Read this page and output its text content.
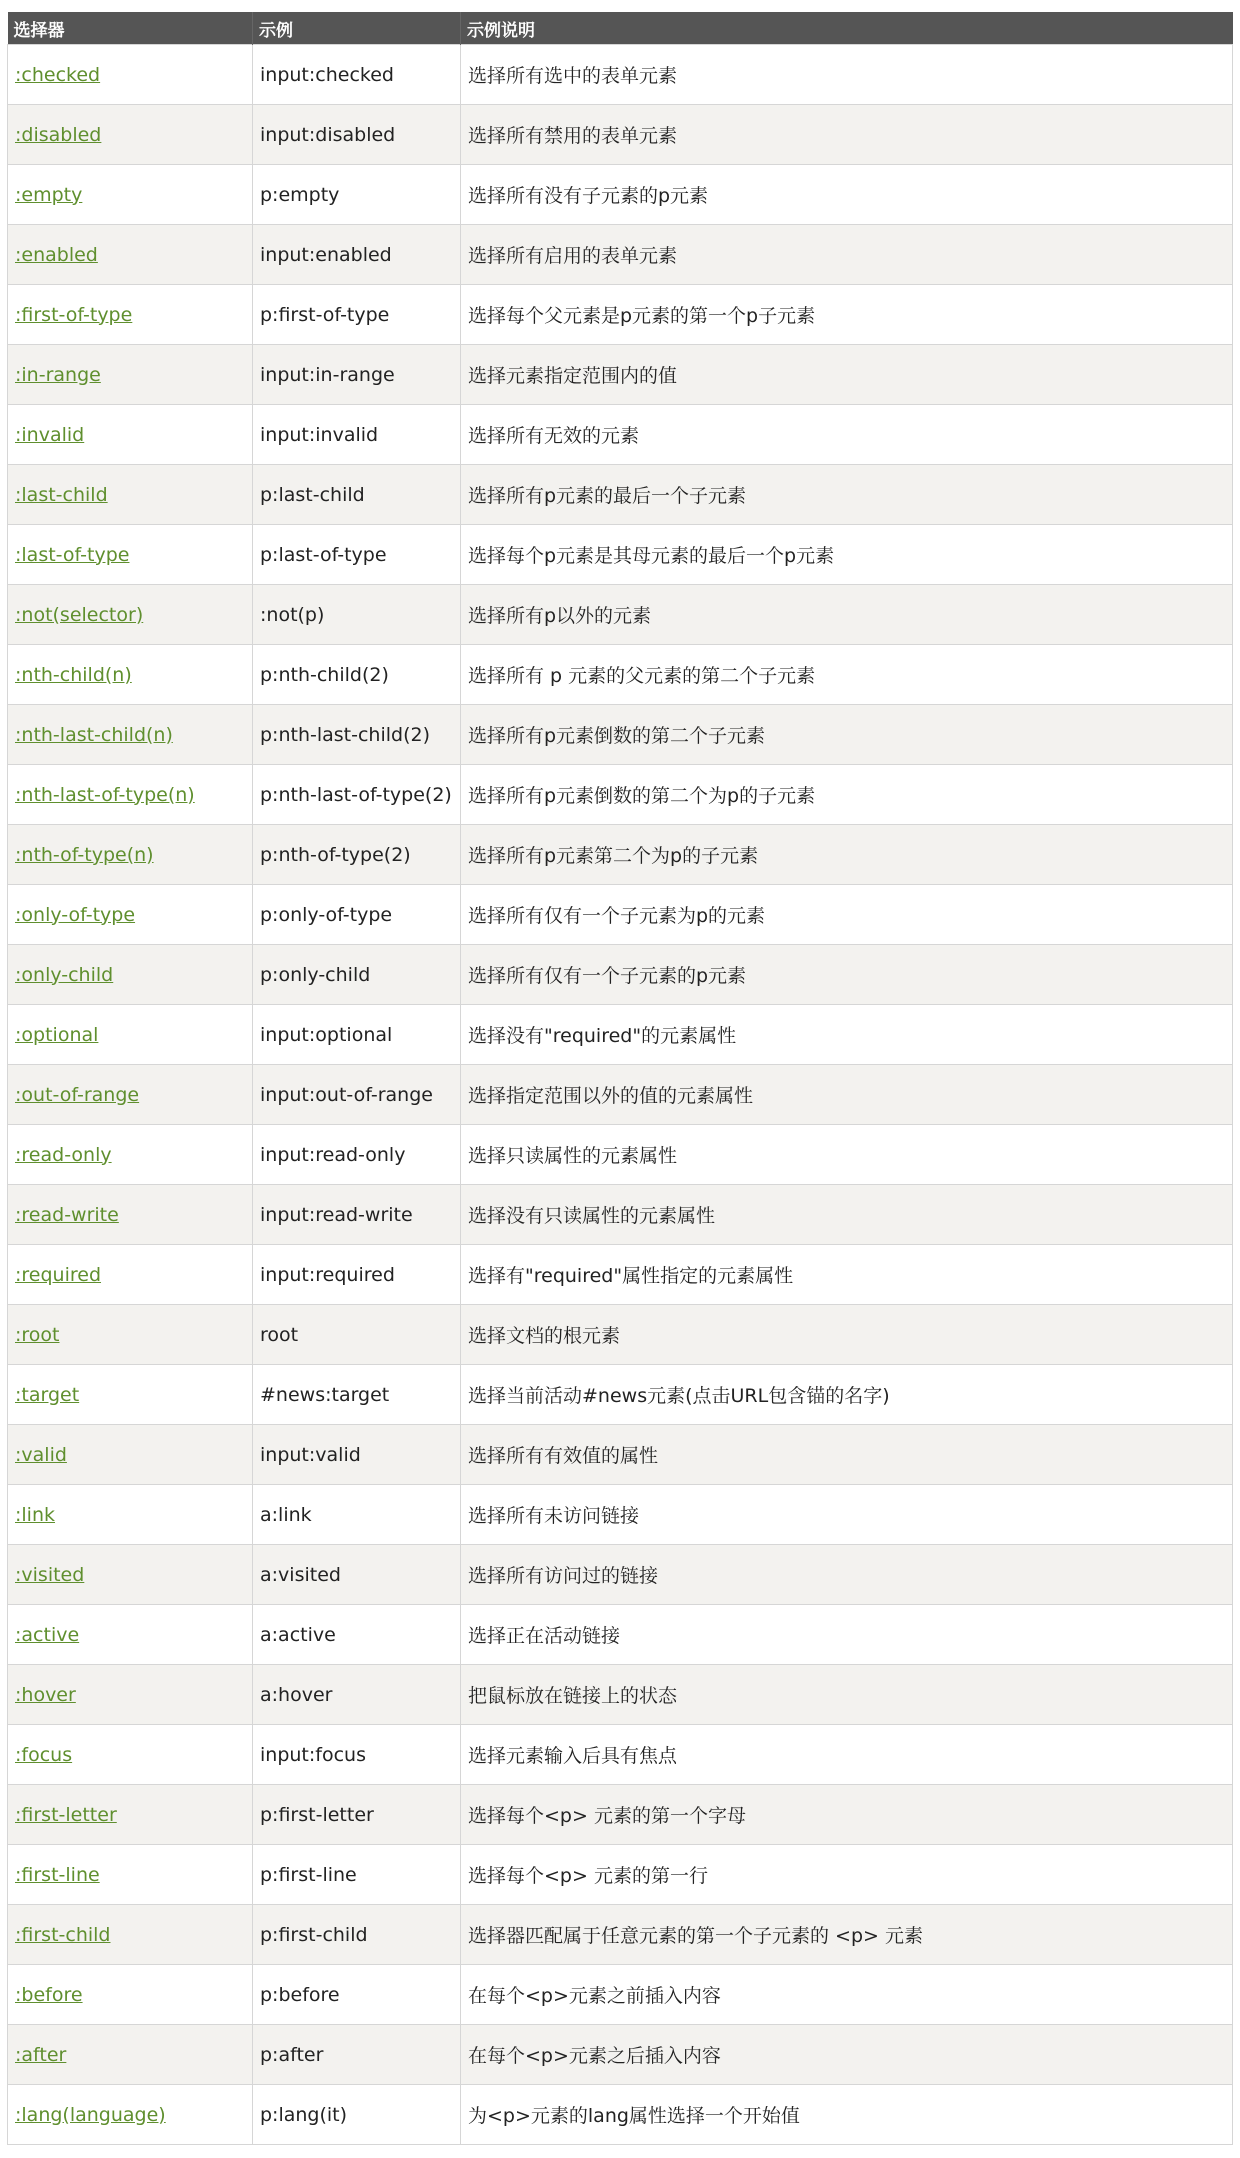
选择器	示例	示例说明
:checked	input:checked	选择所有选中的表单元素
:disabled	input:disabled	选择所有禁用的表单元素
:empty	p:empty	选择所有没有子元素的p元素
:enabled	input:enabled	选择所有启用的表单元素
:first-of-type	p:first-of-type	选择每个父元素是p元素的第一个p子元素
:in-range	input:in-range	选择元素指定范围内的值
:invalid	input:invalid	选择所有无效的元素
:last-child	p:last-child	选择所有p元素的最后一个子元素
:last-of-type	p:last-of-type	选择每个p元素是其母元素的最后一个p元素
:not(selector)	:not(p)	选择所有p以外的元素
:nth-child(n)	p:nth-child(2)	选择所有 p 元素的父元素的第二个子元素
:nth-last-child(n)	p:nth-last-child(2)	选择所有p元素倒数的第二个子元素
:nth-last-of-type(n)	p:nth-last-of-type(2)	选择所有p元素倒数的第二个为p的子元素
:nth-of-type(n)	p:nth-of-type(2)	选择所有p元素第二个为p的子元素
:only-of-type	p:only-of-type	选择所有仅有一个子元素为p的元素
:only-child	p:only-child	选择所有仅有一个子元素的p元素
:optional	input:optional	选择没有"required"的元素属性
:out-of-range	input:out-of-range	选择指定范围以外的值的元素属性
:read-only	input:read-only	选择只读属性的元素属性
:read-write	input:read-write	选择没有只读属性的元素属性
:required	input:required	选择有"required"属性指定的元素属性
:root	root	选择文档的根元素
:target	#news:target	选择当前活动#news元素(点击URL包含锚的名字)
:valid	input:valid	选择所有有效值的属性
:link	a:link	选择所有未访问链接
:visited	a:visited	选择所有访问过的链接
:active	a:active	选择正在活动链接
:hover	a:hover	把鼠标放在链接上的状态
:focus	input:focus	选择元素输入后具有焦点
:first-letter	p:first-letter	选择每个<p> 元素的第一个字母
:first-line	p:first-line	选择每个<p> 元素的第一行
:first-child	p:first-child	选择器匹配属于任意元素的第一个子元素的 <p> 元素
:before	p:before	在每个<p>元素之前插入内容
:after	p:after	在每个<p>元素之后插入内容
:lang(language)	p:lang(it)	为<p>元素的lang属性选择一个开始值
